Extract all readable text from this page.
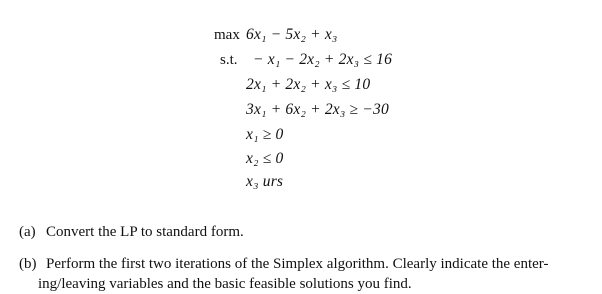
max 6x₁ − 5x₂ + x₃
s.t. − x₁ − 2x₂ + 2x₃ ≤ 16
2x₁ + 2x₂ + x₃ ≤ 10
3x₁ + 6x₂ + 2x₃ ≥ −30
x₁ ≥ 0
x₂ ≤ 0
x₃ urs
(a) Convert the LP to standard form.
(b) Perform the first two iterations of the Simplex algorithm. Clearly indicate the enter-
ing/leaving variables and the basic feasible solutions you find.
